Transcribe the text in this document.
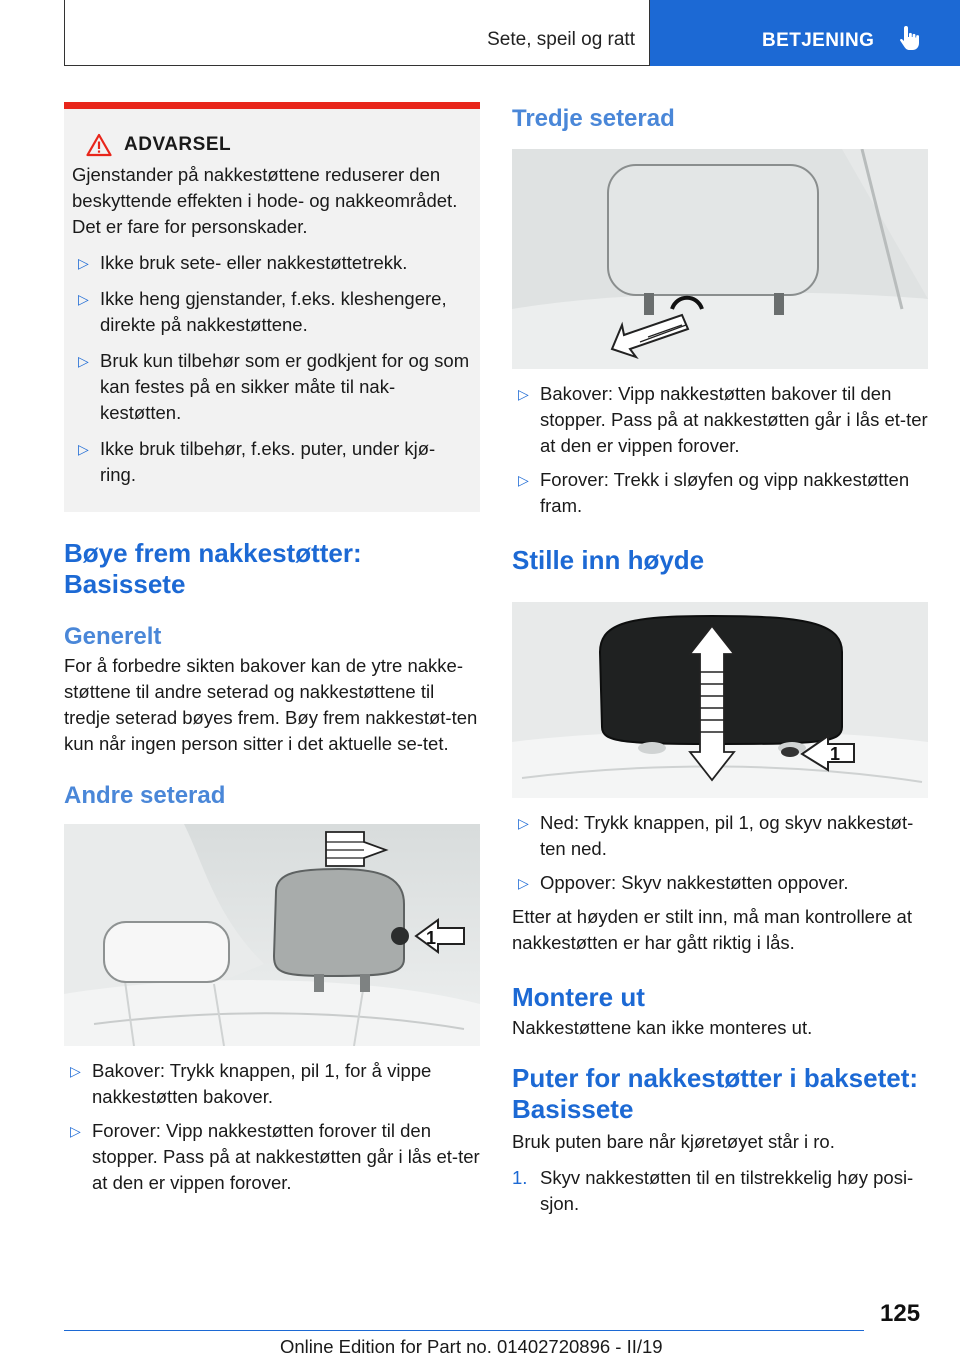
Sete, speil og ratt	BETJENING
ADVARSEL

Gjenstander på nakkestøttene reduserer den beskyttende effekten i hode- og nakkeområdet. Det er fare for personskader.

▷ Ikke bruk sete- eller nakkestøttetrekk.
▷ Ikke heng gjenstander, f.eks. kleshengere, direkte på nakkestøttene.
▷ Bruk kun tilbehør som er godkjent for og som kan festes på en sikker måte til nak-kestøtten.
▷ Ikke bruk tilbehør, f.eks. puter, under kjø-ring.
Bøye frem nakkestøtter: Basissete
Generelt

For å forbedre sikten bakover kan de ytre nakke-støttene til andre seterad og nakkestøttene til tredje seterad bøyes frem. Bøy frem nakkestøt-ten kun når ingen person sitter i det aktuelle se-tet.

Andre seterad
1
▷ Bakover: Trykk knappen, pil 1, for å vippe nakkestøtten bakover.
▷ Forover: Vipp nakkestøtten forover til den stopper. Pass på at nakkestøtten går i lås et-ter at den er vippen forover.
Tredje seterad
▷ Bakover: Vipp nakkestøtten bakover til den stopper. Pass på at nakkestøtten går i lås et-ter at den er vippen forover.
▷ Forover: Trekk i sløyfen og vipp nakkestøtten fram.
Stille inn høyde
1
▷ Ned: Trykk knappen, pil 1, og skyv nakkestøt-ten ned.
▷ Oppover: Skyv nakkestøtten oppover.

Etter at høyden er stilt inn, må man kontrollere at nakkestøtten er har gått riktig i lås.

Montere ut

Nakkestøttene kan ikke monteres ut.

Puter for nakkestøtter i baksetet: Basissete

Bruk puten bare når kjøretøyet står i ro.

1. Skyv nakkestøtten til en tilstrekkelig høy posi-sjon.
125
Online Edition for Part no. 01402720896 - II/19
